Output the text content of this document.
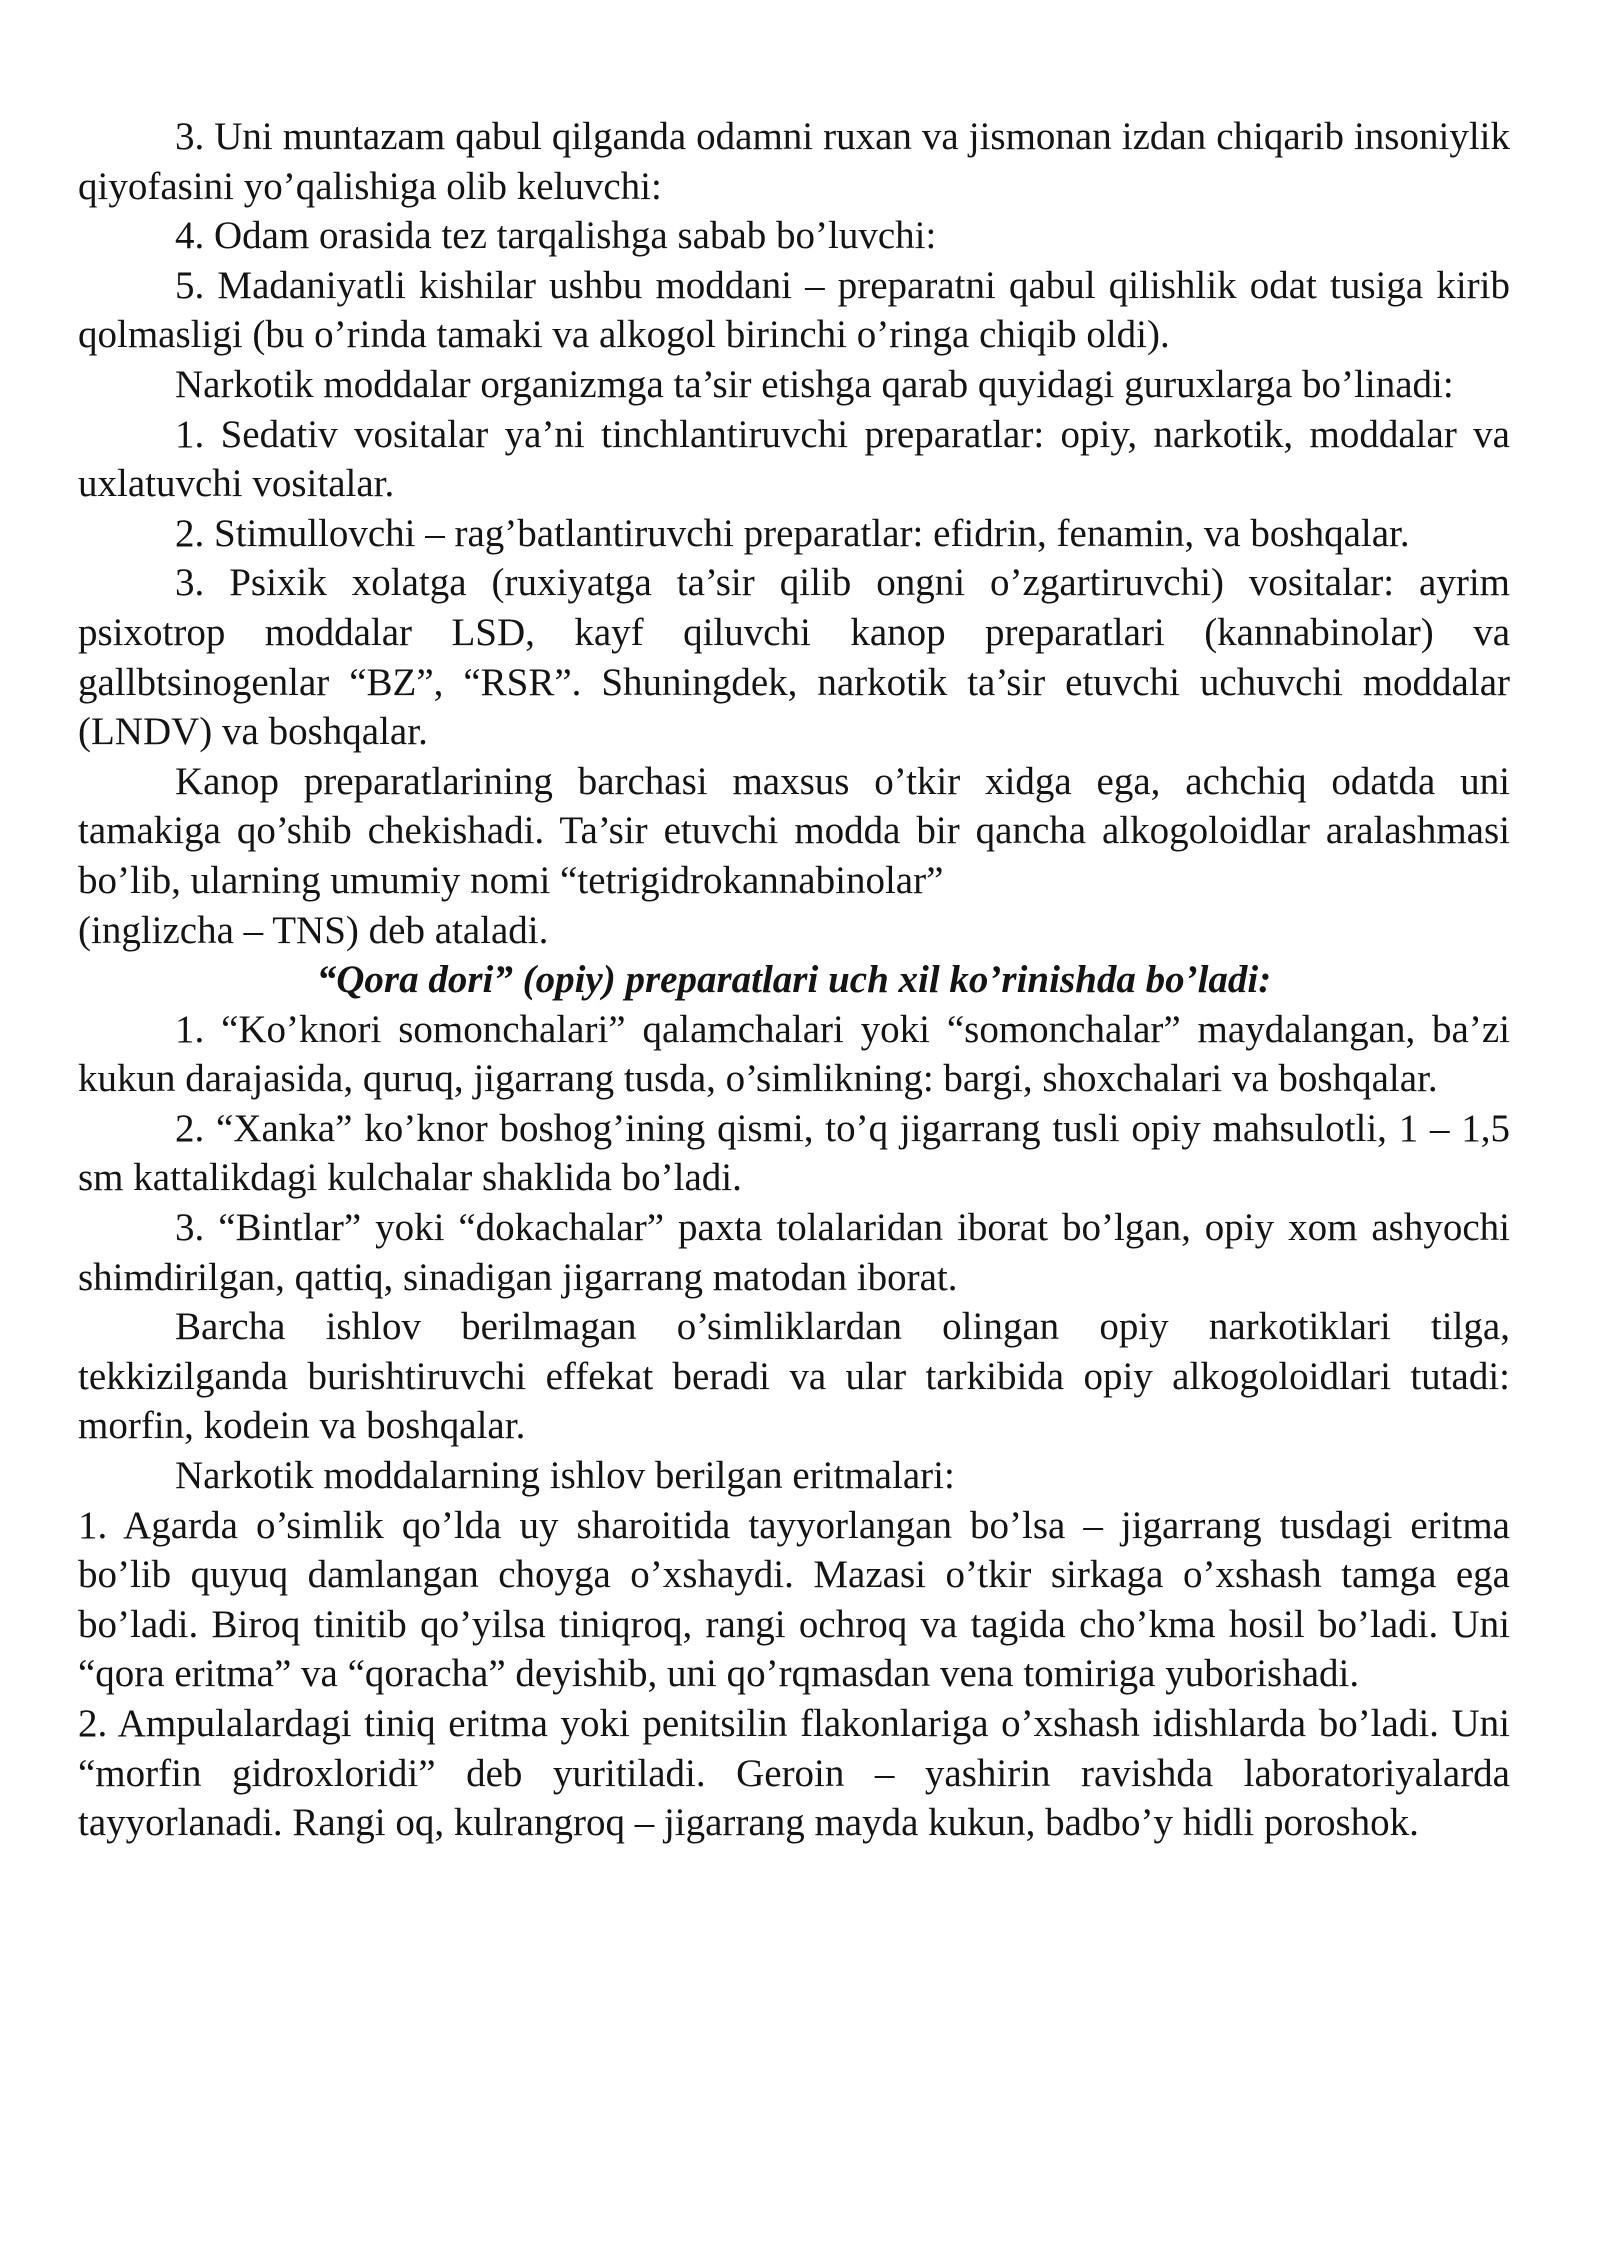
3. Uni muntazam qabul qilganda odamni ruxan va jismonan izdan chiqarib insoniylik qiyofasini yo’qalishiga olib keluvchi:

4. Odam orasida tez tarqalishga sabab bo’luvchi:

5. Madaniyatli kishilar ushbu moddani – preparatni qabul qilishlik odat tusiga kirib qolmasligi (bu o’rinda tamaki va alkogol birinchi o’ringa chiqib oldi).

Narkotik moddalar organizmga ta’sir etishga qarab quyidagi guruxlarga bo’linadi:

1. Sedativ vositalar ya’ni tinchlantiruvchi preparatlar: opiy, narkotik, moddalar va uxlatuvchi vositalar.

2. Stimullovchi – rag’batlantiruvchi preparatlar: efidrin, fenamin, va boshqalar.

3. Psixik xolatga (ruxiyatga ta’sir qilib ongni o’zgartiruvchi) vositalar: ayrim psixotrop moddalar LSD, kayf qiluvchi kanop preparatlari (kannabinolar) va gallbtsinogenlar “BZ”, “RSR”. Shuningdek, narkotik ta’sir etuvchi uchuvchi moddalar (LNDV) va boshqalar.

Kanop preparatlarining barchasi maxsus o’tkir xidga ega, achchiq odatda uni tamakiga qo’shib chekishadi. Ta’sir etuvchi modda bir qancha alkogoloidlar aralashmasi bo’lib, ularning umumiy nomi “tetrigidrokannabinolar”

(inglizcha – TNS) deb ataladi.

“Qora dori” (opiy) preparatlari uch xil ko’rinishda bo’ladi:

1. “Ko’knori somonchalari” qalamchalari yoki “somonchalar” maydalangan, ba’zi kukun darajasida, quruq, jigarrang tusda, o’simlikning: bargi, shoxchalari va boshqalar.

2. “Xanka” ko’knor boshog’ining qismi, to’q jigarrang tusli opiy mahsulotli, 1 – 1,5 sm kattalikdagi kulchalar shaklida bo’ladi.

3. “Bintlar” yoki “dokachalar” paxta tolalaridan iborat bo’lgan, opiy xom ashyochi shimdirilgan, qattiq, sinadigan jigarrang matodan iborat.

Barcha ishlov berilmagan o’simliklardan olingan opiy narkotiklari tilga, tekkizilganda burishtiruvchi effekat beradi va ular tarkibida opiy alkogoloidlari tutadi: morfin, kodein va boshqalar.

Narkotik moddalarning ishlov berilgan eritmalari:

1. Agarda o’simlik qo’lda uy sharoitida tayyorlangan bo’lsa – jigarrang tusdagi eritma bo’lib quyuq damlangan choyga o’xshaydi. Mazasi o’tkir sirkaga o’xshash tamga ega bo’ladi. Biroq tinitib qo’yilsa tiniqroq, rangi ochroq va tagida cho’kma hosil bo’ladi. Uni “qora eritma” va “qoracha” deyishib, uni qo’rqmasdan vena tomiriga yuborishadi.

2. Ampulalardagi tiniq eritma yoki penitsilin flakonlariga o’xshash idishlarda bo’ladi. Uni “morfin gidroxloridi” deb yuritiladi. Geroin – yashirin ravishda laboratoriyalarda tayyorlanadi. Rangi oq, kulrangroq – jigarrang mayda kukun, badbo’y hidli poroshok.
